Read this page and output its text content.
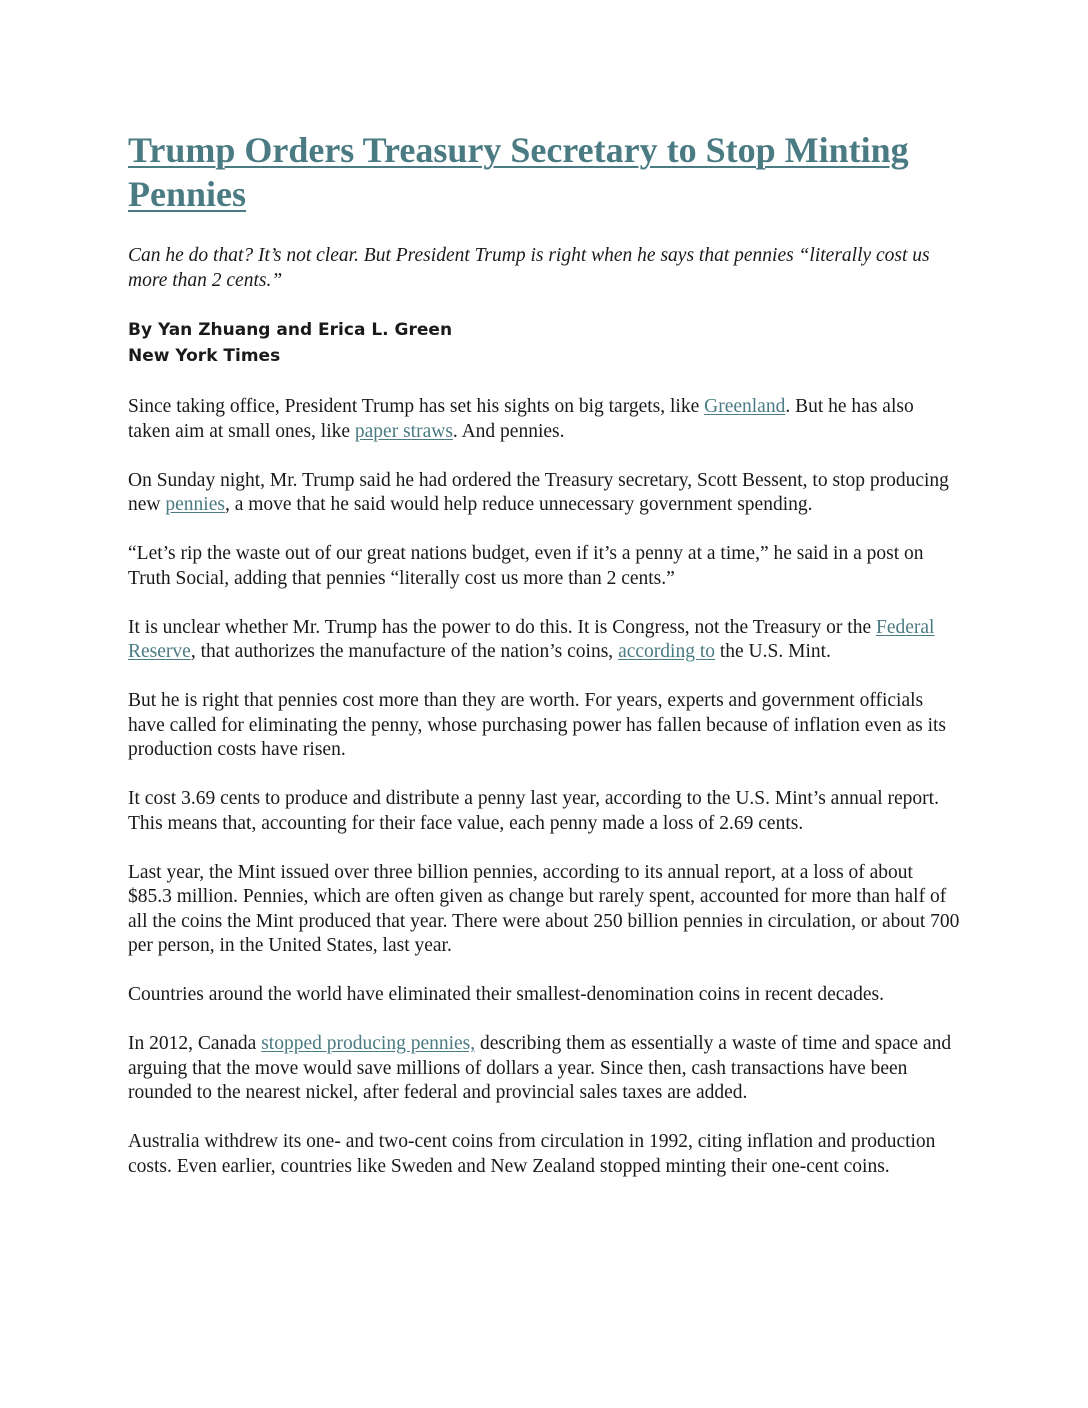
Trump Orders Treasury Secretary to Stop Minting Pennies

Can he do that? It’s not clear. But President Trump is right when he says that pennies “literally cost us more than 2 cents.”

By Yan Zhuang and Erica L. Green
New York Times

Since taking office, President Trump has set his sights on big targets, like Greenland. But he has also taken aim at small ones, like paper straws. And pennies.

On Sunday night, Mr. Trump said he had ordered the Treasury secretary, Scott Bessent, to stop producing new pennies, a move that he said would help reduce unnecessary government spending.

“Let’s rip the waste out of our great nations budget, even if it’s a penny at a time,” he said in a post on Truth Social, adding that pennies “literally cost us more than 2 cents.”

It is unclear whether Mr. Trump has the power to do this. It is Congress, not the Treasury or the Federal Reserve, that authorizes the manufacture of the nation’s coins, according to the U.S. Mint.

But he is right that pennies cost more than they are worth. For years, experts and government officials have called for eliminating the penny, whose purchasing power has fallen because of inflation even as its production costs have risen.

It cost 3.69 cents to produce and distribute a penny last year, according to the U.S. Mint’s annual report. This means that, accounting for their face value, each penny made a loss of 2.69 cents.

Last year, the Mint issued over three billion pennies, according to its annual report, at a loss of about $85.3 million. Pennies, which are often given as change but rarely spent, accounted for more than half of all the coins the Mint produced that year. There were about 250 billion pennies in circulation, or about 700 per person, in the United States, last year.

Countries around the world have eliminated their smallest-denomination coins in recent decades.

In 2012, Canada stopped producing pennies, describing them as essentially a waste of time and space and arguing that the move would save millions of dollars a year. Since then, cash transactions have been rounded to the nearest nickel, after federal and provincial sales taxes are added.

Australia withdrew its one- and two-cent coins from circulation in 1992, citing inflation and production costs. Even earlier, countries like Sweden and New Zealand stopped minting their one-cent coins.
